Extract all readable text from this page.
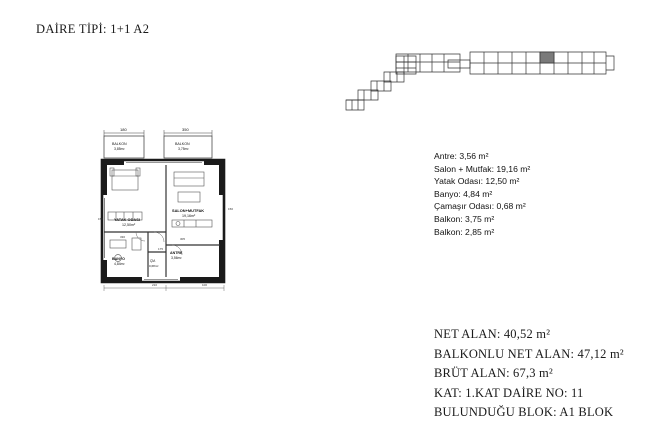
DAİRE TİPİ: 1+1 A2
180	350
BALKON
3,85m²
BALKON
3,75m²
YATAK ODASI
12,50m²
SALON+MUTFAK
19,16m²
BANYO
4,84m²
ÇM.
0,68m²
ANTRE
3,56m²
330	305
175
150
150
210	100
Antre: 3,56 m²
Salon + Mutfak: 19,16 m²
Yatak Odası: 12,50 m²
Banyo: 4,84 m²
Çamaşır Odası: 0,68 m²
Balkon: 3,75 m²
Balkon: 2,85 m²
NET ALAN: 40,52 m²
BALKONLU NET ALAN: 47,12 m²
BRÜT ALAN: 67,3 m²
KAT: 1.KAT DAİRE NO: 11
BULUNDUĞU BLOK: A1 BLOK
